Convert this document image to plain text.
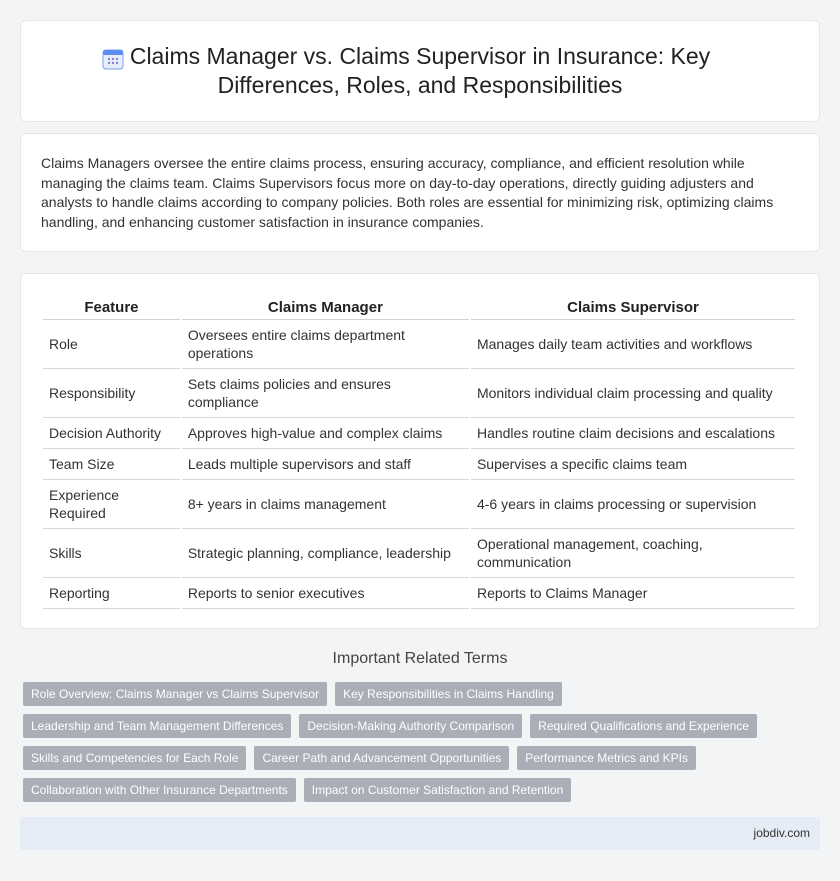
Claims Manager vs. Claims Supervisor in Insurance: Key Differences, Roles, and Responsibilities

Claims Managers oversee the entire claims process, ensuring accuracy, compliance, and efficient resolution while managing the claims team. Claims Supervisors focus more on day-to-day operations, directly guiding adjusters and analysts to handle claims according to company policies. Both roles are essential for minimizing risk, optimizing claims handling, and enhancing customer satisfaction in insurance companies.

Feature	Claims Manager	Claims Supervisor
Role	Oversees entire claims department operations	Manages daily team activities and workflows
Responsibility	Sets claims policies and ensures compliance	Monitors individual claim processing and quality
Decision Authority	Approves high-value and complex claims	Handles routine claim decisions and escalations
Team Size	Leads multiple supervisors and staff	Supervises a specific claims team
Experience Required	8+ years in claims management	4-6 years in claims processing or supervision
Skills	Strategic planning, compliance, leadership	Operational management, coaching, communication
Reporting	Reports to senior executives	Reports to Claims Manager
Important Related Terms
Role Overview: Claims Manager vs Claims Supervisor	Key Responsibilities in Claims Handling
Leadership and Team Management Differences	Decision-Making Authority Comparison	Required Qualifications and Experience
Skills and Competencies for Each Role	Career Path and Advancement Opportunities	Performance Metrics and KPIs
Collaboration with Other Insurance Departments	Impact on Customer Satisfaction and Retention
jobdiv.com
